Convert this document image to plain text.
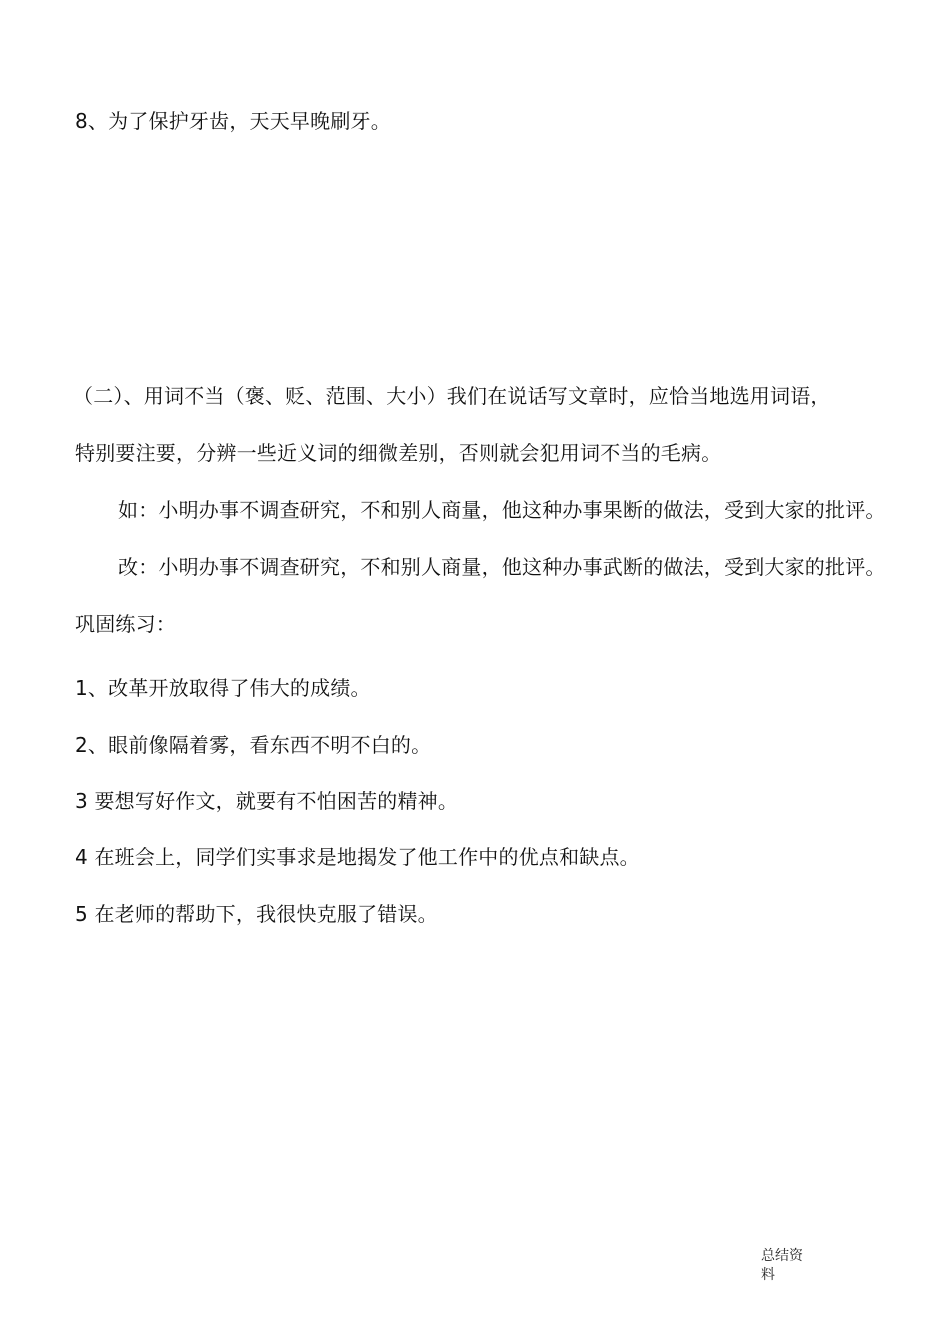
8、为了保护牙齿，天天早晚刷牙。
（二）、用词不当（褒、贬、范围、大小）我们在说话写文章时，应恰当地选用词语，
特别要注要，分辨一些近义词的细微差别，否则就会犯用词不当的毛病。
如：小明办事不调查研究，不和别人商量，他这种办事果断的做法，受到大家的批评。
改：小明办事不调查研究，不和别人商量，他这种办事武断的做法，受到大家的批评。
巩固练习：
1、改革开放取得了伟大的成绩。
2、眼前像隔着雾，看东西不明不白的。
3 要想写好作文，就要有不怕困苦的精神。
4 在班会上，同学们实事求是地揭发了他工作中的优点和缺点。
5 在老师的帮助下，我很快克服了错误。
总结资
料
